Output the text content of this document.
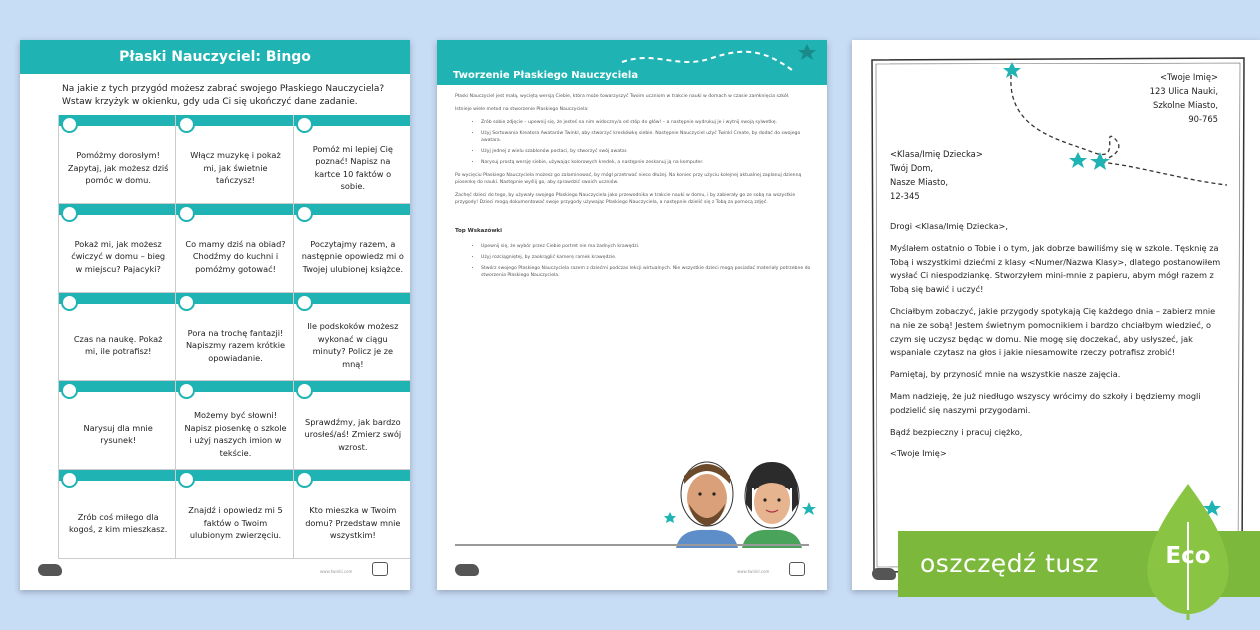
Płaski Nauczyciel: Bingo
Na jakie z tych przygód możesz zabrać swojego Płaskiego Nauczyciela? Wstaw krzyżyk w okienku, gdy uda Ci się ukończyć dane zadanie.
Pomóżmy dorosłym! Zapytaj, jak możesz dziś pomóc w domu.
Włącz muzykę i pokaż mi, jak świetnie tańczysz!
Pomóż mi lepiej Cię poznać! Napisz na kartce 10 faktów o sobie.
Pokaż mi, jak możesz ćwiczyć w domu – bieg w miejscu? Pajacyki?
Co mamy dziś na obiad? Chodźmy do kuchni i pomóżmy gotować!
Poczytajmy razem, a następnie opowiedz mi o Twojej ulubionej książce.
Czas na naukę. Pokaż mi, ile potrafisz!
Pora na trochę fantazji! Napiszmy razem krótkie opowiadanie.
Ile podskoków możesz wykonać w ciągu minuty? Policz je ze mną!
Narysuj dla mnie rysunek!
Możemy być słowni! Napisz piosenkę o szkole i użyj naszych imion w tekście.
Sprawdźmy, jak bardzo urosłeś/aś! Zmierz swój wzrost.
Zrób coś miłego dla kogoś, z kim mieszkasz.
Znajdź i opowiedz mi 5 faktów o Twoim ulubionym zwierzęciu.
Kto mieszka w Twoim domu? Przedstaw mnie wszystkim!
www.twinkl.com
Tworzenie Płaskiego Nauczyciela

Płaski Nauczyciel jest małą, wyciętą wersją Ciebie, która może towarzyszyć Twoim uczniom w trakcie nauki w domach w czasie zamknięcia szkół.

Istnieje wiele metod na stworzenie Płaskiego Nauczyciela:

• Zrób sobie zdjęcie – upewnij się, że jesteś na nim widoczny/a od stóp do głów! – a następnie wydrukuj je i wytnij swoją sylwetkę.
• Użyj Sortowania Kreatora Awatarów Twinkl, aby stworzyć kreskówkę siebie. Następnie Nauczyciel użyć Twinkl Create, by dodać do swojego awatara.
• Użyj jednej z wielu szablonów postaci, by stworzyć swój awatar.
• Narysuj prostą wersję siebie, używając kolorowych kredek, a następnie zeskanuj ją na komputer.

Po wycięciu Płaskiego Nauczyciela możesz go zalaminować, by mógł przetrwać nieco dłużej. Na koniec przy użyciu kolejnej aktualnej zaplanuj dzienną piosenkę do nauki. Następnie wyślij go, aby sprawdzić swoich uczniów.

Zachęć dzieci do tego, by używały swojego Płaskiego Nauczyciela jako przewodnika w trakcie nauki w domu, i by zabierały go ze sobą na wszystkie przygody! Dzieci mogą dokumentować swoje przygody używając Płaskiego Nauczyciela, a następnie dzielić się z Tobą za pomocą zdjęć.

Top Wskazówki
• Upewnij się, że wybór przez Ciebie portret nie ma żadnych krawędzi.
• Użyj rozciągniętej, by zaokrąglić kamerę ramek krawędzie.
• Stwórz swojego Płaskiego Nauczyciela razem z dziećmi podczas lekcji wirtualnych. Nie wszystkie dzieci mogą posiadać materiały potrzebne do stworzenia Płaskiego Nauczyciela.
www.twinkl.com
<Twoje Imię>
123 Ulica Nauki,
Szkolne Miasto,
90-765
<Klasa/Imię Dziecka>
Twój Dom,
Nasze Miasto,
12-345

Drogi <Klasa/Imię Dziecka>,

Myślałem ostatnio o Tobie i o tym, jak dobrze bawiliśmy się w szkole. Tęsknię za Tobą i wszystkimi dziećmi z klasy <Numer/Nazwa Klasy>, dlatego postanowiłem wysłać Ci niespodziankę. Stworzyłem mini-mnie z papieru, abym mógł razem z Tobą się bawić i uczyć!

Chciałbym zobaczyć, jakie przygody spotykają Cię każdego dnia – zabierz mnie na nie ze sobą! Jestem świetnym pomocnikiem i bardzo chciałbym wiedzieć, o czym się uczysz będąc w domu. Nie mogę się doczekać, aby usłyszeć, jak wspaniale czytasz na głos i jakie niesamowite rzeczy potrafisz zrobić!

Pamiętaj, by przynosić mnie na wszystkie nasze zajęcia.

Mam nadzieję, że już niedługo wszyscy wrócimy do szkoły i będziemy mogli podzielić się naszymi przygodami.

Bądź bezpieczny i pracuj ciężko,

<Twoje Imię>

oszczędź tusz	Eco
